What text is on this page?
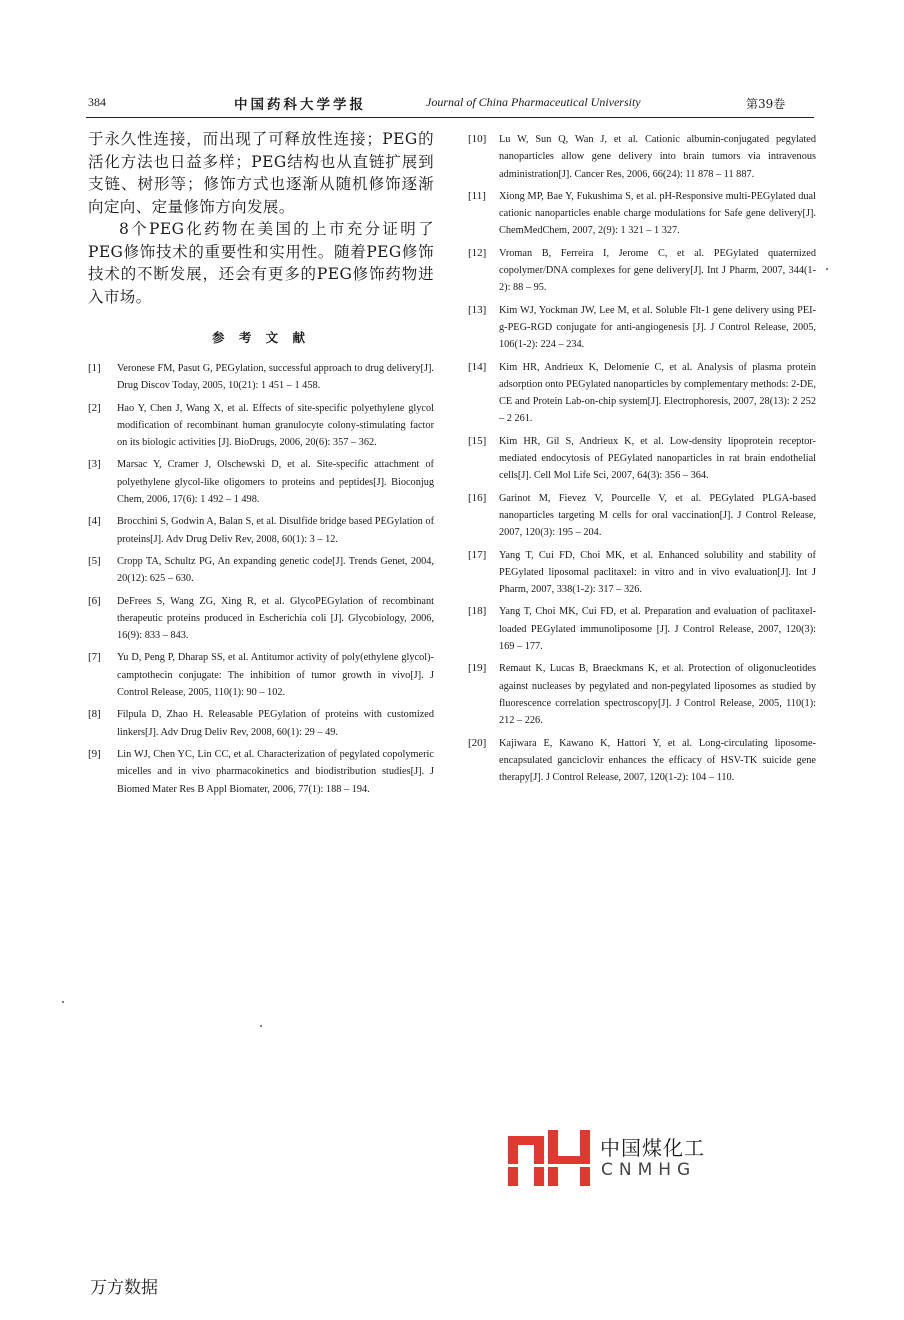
384	中国药科大学学报	Journal of China Pharmaceutical University	第39卷

于永久性连接，而出现了可释放性连接；PEG的活化方法也日益多样；PEG结构也从直链扩展到支链、树形等；修饰方式也逐渐从随机修饰逐渐向定向、定量修饰方向发展。

8个PEG化药物在美国的上市充分证明了PEG修饰技术的重要性和实用性。随着PEG修饰技术的不断发展，还会有更多的PEG修饰药物进入市场。

参 考 文 献
[1] Veronese FM, Pasut G, PEGylation, successful approach to drug delivery[J]. Drug Discov Today, 2005, 10(21): 1 451 – 1 458.
[2] Hao Y, Chen J, Wang X, et al. Effects of site-specific polyethylene glycol modification of recombinant human granulocyte colony-stimulating factor on its biologic activities [J]. BioDrugs, 2006, 20(6): 357 – 362.
[3] Marsac Y, Cramer J, Olschewski D, et al. Site-specific attachment of polyethylene glycol-like oligomers to proteins and peptides[J]. Bioconjug Chem, 2006, 17(6): 1 492 – 1 498.
[4] Brocchini S, Godwin A, Balan S, et al. Disulfide bridge based PEGylation of proteins[J]. Adv Drug Deliv Rev, 2008, 60(1): 3 – 12.
[5] Cropp TA, Schultz PG, An expanding genetic code[J]. Trends Genet, 2004, 20(12): 625 – 630.
[6] DeFrees S, Wang ZG, Xing R, et al. GlycoPEGylation of recombinant therapeutic proteins produced in Escherichia coli [J]. Glycobiology, 2006, 16(9): 833 – 843.
[7] Yu D, Peng P, Dharap SS, et al. Antitumor activity of poly(ethylene glycol)-camptothecin conjugate: The inhibition of tumor growth in vivo[J]. J Control Release, 2005, 110(1): 90 – 102.
[8] Filpula D, Zhao H. Releasable PEGylation of proteins with customized linkers[J]. Adv Drug Deliv Rev, 2008, 60(1): 29 – 49.
[9] Lin WJ, Chen YC, Lin CC, et al. Characterization of pegylated copolymeric micelles and in vivo pharmacokinetics and biodistribution studies[J]. J Biomed Mater Res B Appl Biomater, 2006, 77(1): 188 – 194.
[10] Lu W, Sun Q, Wan J, et al. Cationic albumin-conjugated pegylated nanoparticles allow gene delivery into brain tumors via intravenous administration[J]. Cancer Res, 2006, 66(24): 11 878 – 11 887.
[11] Xiong MP, Bae Y, Fukushima S, et al. pH-Responsive multi-PEGylated dual cationic nanoparticles enable charge modulations for Safe gene delivery[J]. ChemMedChem, 2007, 2(9): 1 321 – 1 327.
[12] Vroman B, Ferreira I, Jerome C, et al. PEGylated quaternized copolymer/DNA complexes for gene delivery[J]. Int J Pharm, 2007, 344(1-2): 88 – 95.
[13] Kim WJ, Yockman JW, Lee M, et al. Soluble Flt-1 gene delivery using PEI-g-PEG-RGD conjugate for anti-angiogenesis [J]. J Control Release, 2005, 106(1-2): 224 – 234.
[14] Kim HR, Andrieux K, Delomenie C, et al. Analysis of plasma protein adsorption onto PEGylated nanoparticles by complementary methods: 2-DE, CE and Protein Lab-on-chip system[J]. Electrophoresis, 2007, 28(13): 2 252 – 2 261.
[15] Kim HR, Gil S, Andrieux K, et al. Low-density lipoprotein receptor-mediated endocytosis of PEGylated nanoparticles in rat brain endothelial cells[J]. Cell Mol Life Sci, 2007, 64(3): 356 – 364.
[16] Garinot M, Fievez V, Pourcelle V, et al. PEGylated PLGA-based nanoparticles targeting M cells for oral vaccination[J]. J Control Release, 2007, 120(3): 195 – 204.
[17] Yang T, Cui FD, Choi MK, et al. Enhanced solubility and stability of PEGylated liposomal paclitaxel: in vitro and in vivo evaluation[J]. Int J Pharm, 2007, 338(1-2): 317 – 326.
[18] Yang T, Choi MK, Cui FD, et al. Preparation and evaluation of paclitaxel-loaded PEGylated immunoliposome [J]. J Control Release, 2007, 120(3): 169 – 177.
[19] Remaut K, Lucas B, Braeckmans K, et al. Protection of oligonucleotides against nucleases by pegylated and non-pegylated liposomes as studied by fluorescence correlation spectroscopy[J]. J Control Release, 2005, 110(1): 212 – 226.
[20] Kajiwara E, Kawano K, Hattori Y, et al. Long-circulating liposome-encapsulated ganciclovir enhances the efficacy of HSV-TK suicide gene therapy[J]. J Control Release, 2007, 120(1-2): 104 – 110.
中国煤化工
CNMHG
万方数据
